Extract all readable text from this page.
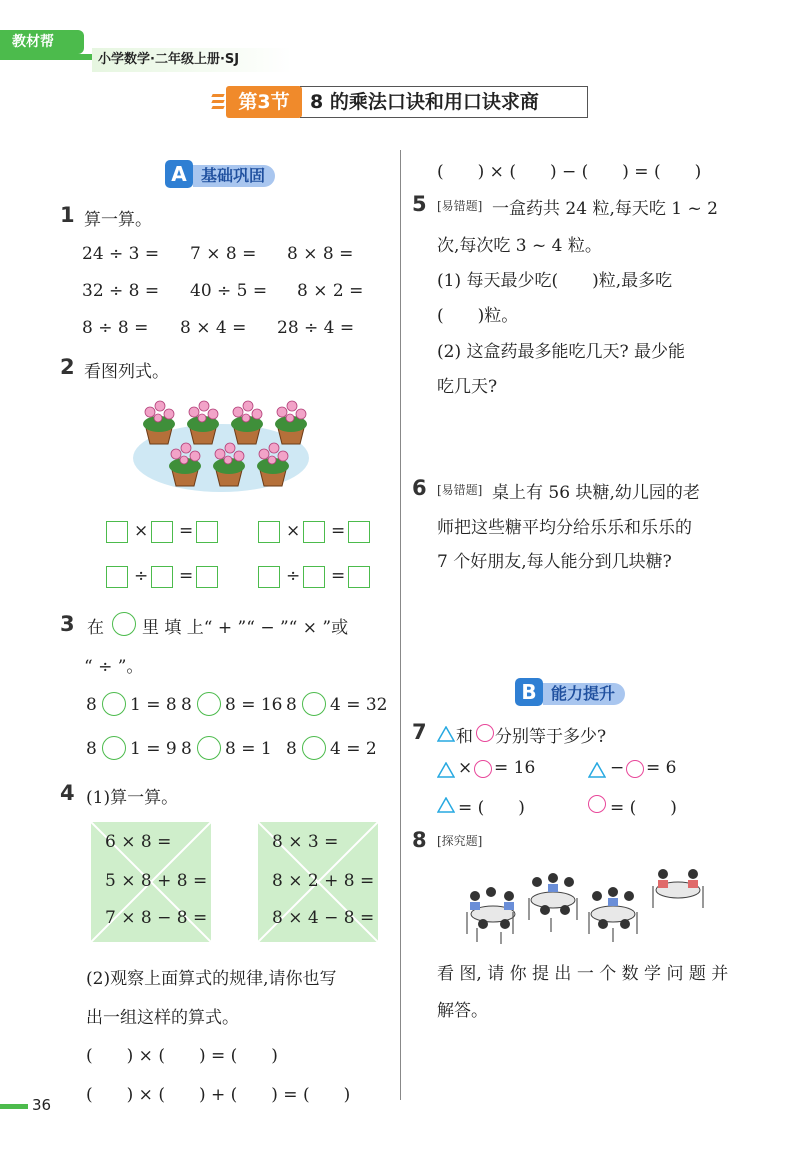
教材帮
小学数学·二年级上册·SJ
第3节	8 的乘法口诀和用口诀求商
A 基础巩固
1 算一算。
24 ÷ 3 = 7 × 8 = 8 × 8 =
32 ÷ 8 = 40 ÷ 5 = 8 × 2 =
8 ÷ 8 = 8 × 4 = 28 ÷ 4 =
2 看图列式。
× =	× =
÷ =	÷ =
3 在 里 填 上“ + ”“ − ”“ × ”或
“ ÷ ”。
8 1 = 8 8 8 = 16 8 4 = 32
8 1 = 9 8 8 = 1 8 4 = 2
4 (1)算一算。
6 × 8 =
5 × 8 + 8 =
7 × 8 − 8 =
8 × 3 =
8 × 2 + 8 =
8 × 4 − 8 =
(2)观察上面算式的规律,请你也写
出一组这样的算式。
(　　) × (　　) = (　　)
(　　) × (　　) + (　　) = (　　)
(　　) × (　　) − (　　) = (　　)
5 [易错题] 一盒药共 24 粒,每天吃 1 ~ 2
次,每次吃 3 ~ 4 粒。
(1) 每天最少吃(　　)粒,最多吃
(　　)粒。
(2) 这盒药最多能吃几天? 最少能
吃几天?
6 [易错题] 桌上有 56 块糖,幼儿园的老
师把这些糖平均分给乐乐和乐乐的
7 个好朋友,每人能分到几块糖?
B 能力提升
7 和 分别等于多少?
× = 16	− = 6
= (　　)	= (　　)
8 [探究题]
看 图, 请 你 提 出 一 个 数 学 问 题 并
解答。
36
